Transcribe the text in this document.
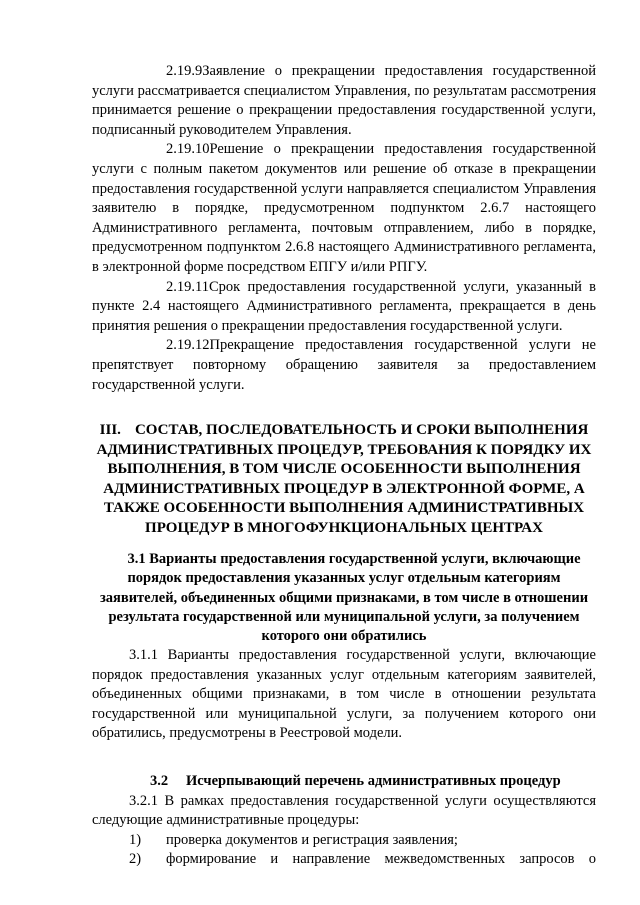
2.19.9Заявление о прекращении предоставления государственной услуги рассматривается специалистом Управления, по результатам рассмотрения принимается решение о прекращении предоставления государственной услуги, подписанный руководителем Управления.

2.19.10Решение о прекращении предоставления государственной услуги с полным пакетом документов или решение об отказе в прекращении предоставления государственной услуги направляется специалистом Управления заявителю в порядке, предусмотренном подпунктом 2.6.7 настоящего Административного регламента, почтовым отправлением, либо в порядке, предусмотренном подпунктом 2.6.8 настоящего Административного регламента, в электронной форме посредством ЕПГУ и/или РПГУ.

2.19.11Срок предоставления государственной услуги, указанный в пункте 2.4 настоящего Административного регламента, прекращается в день принятия решения о прекращении предоставления государственной услуги.

2.19.12Прекращение предоставления государственной услуги не препятствует повторному обращению заявителя за предоставлением государственной услуги.

III. СОСТАВ, ПОСЛЕДОВАТЕЛЬНОСТЬ И СРОКИ ВЫПОЛНЕНИЯ АДМИНИСТРАТИВНЫХ ПРОЦЕДУР, ТРЕБОВАНИЯ К ПОРЯДКУ ИХ ВЫПОЛНЕНИЯ, В ТОМ ЧИСЛЕ ОСОБЕННОСТИ ВЫПОЛНЕНИЯ АДМИНИСТРАТИВНЫХ ПРОЦЕДУР В ЭЛЕКТРОННОЙ ФОРМЕ, А ТАКЖЕ ОСОБЕННОСТИ ВЫПОЛНЕНИЯ АДМИНИСТРАТИВНЫХ ПРОЦЕДУР В МНОГОФУНКЦИОНАЛЬНЫХ ЦЕНТРАХ
3.1 Варианты предоставления государственной услуги, включающие порядок предоставления указанных услуг отдельным категориям заявителей, объединенных общими признаками, в том числе в отношении результата государственной или муниципальной услуги, за получением которого они обратились

3.1.1 Варианты предоставления государственной услуги, включающие порядок предоставления указанных услуг отдельным категориям заявителей, объединенных общими признаками, в том числе в отношении результата государственной или муниципальной услуги, за получением которого они обратились, предусмотрены в Реестровой модели.

3.2 Исчерпывающий перечень административных процедур

3.2.1 В рамках предоставления государственной услуги осуществляются следующие административные процедуры:

1)	проверка документов и регистрация заявления;
2)	формирование и направление межведомственных запросов о
